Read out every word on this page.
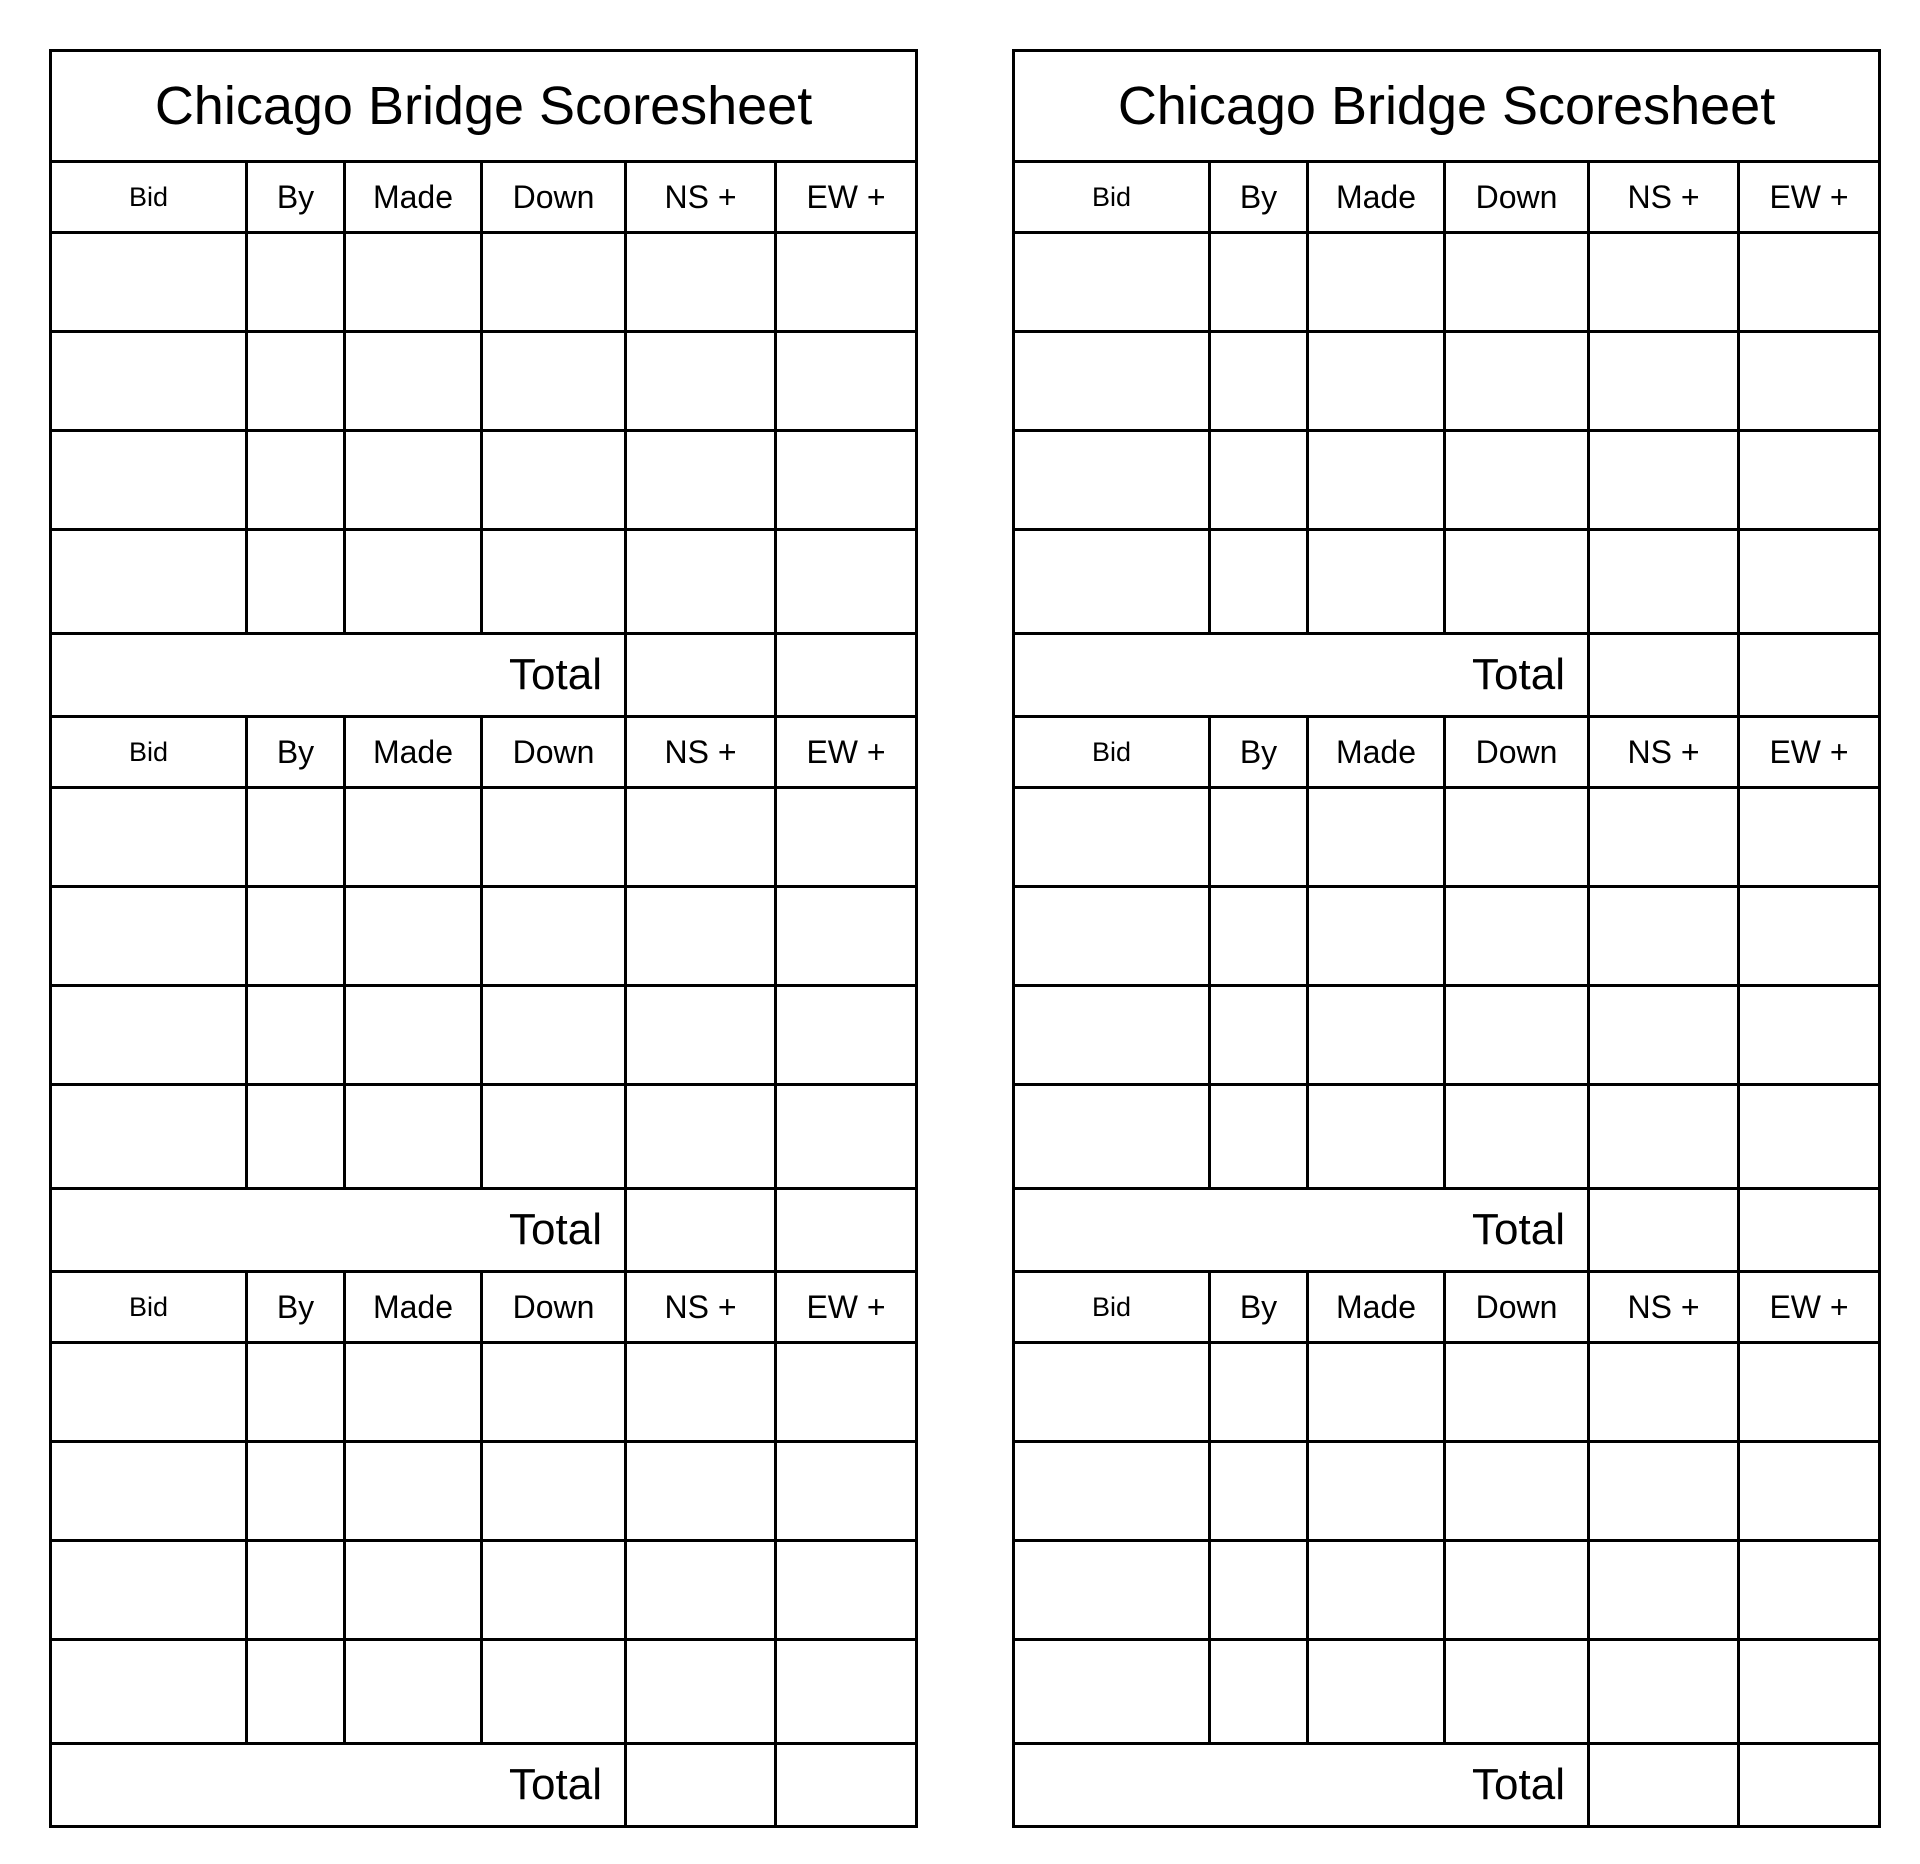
Chicago Bridge Scoresheet					
Bid	By	Made	Down	NS +	EW +

Total					
Bid	By	Made	Down	NS +	EW +

Total					
Bid	By	Made	Down	NS +	EW +

Total					
Chicago Bridge Scoresheet					
Bid	By	Made	Down	NS +	EW +

Total					
Bid	By	Made	Down	NS +	EW +

Total					
Bid	By	Made	Down	NS +	EW +

Total					
